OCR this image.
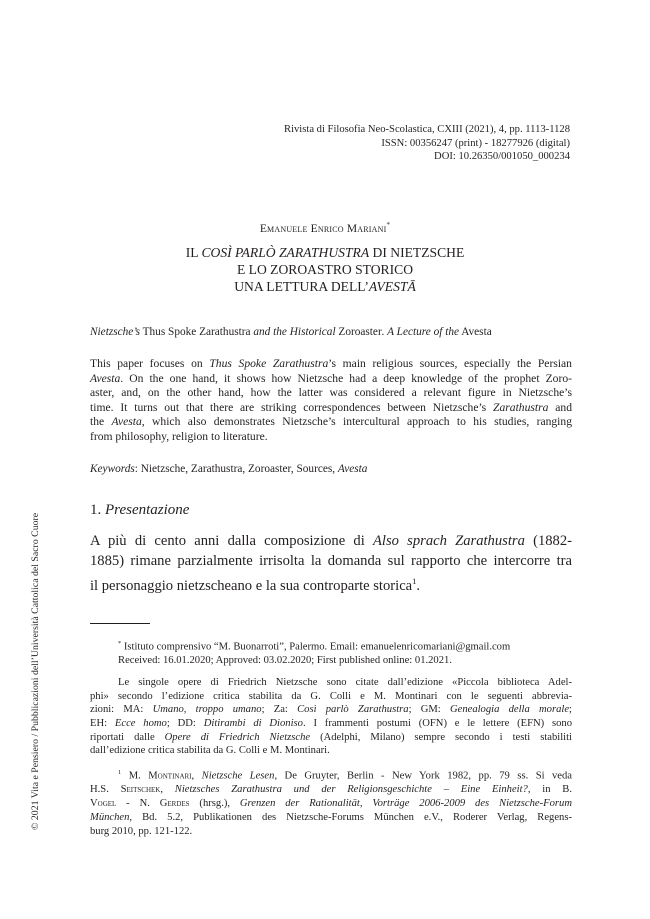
Rivista di Filosofia Neo-Scolastica, CXIII (2021), 4, pp. 1113-1128
ISSN: 00356247 (print) - 18277926 (digital)
DOI: 10.26350/001050_000234
Emanuele Enrico Mariani*
IL COSÌ PARLÒ ZARATHUSTRA DI NIETZSCHE
E LO ZOROASTRO STORICO
UNA LETTURA DELL’AVESTĀ
Nietzsche’s Thus Spoke Zarathustra and the Historical Zoroaster. A Lecture of the Avesta
This paper focuses on Thus Spoke Zarathustra’s main religious sources, especially the Persian
Avesta. On the one hand, it shows how Nietzsche had a deep knowledge of the prophet Zoro-
aster, and, on the other hand, how the latter was considered a relevant figure in Nietzsche’s
time. It turns out that there are striking correspondences between Nietzsche’s Zarathustra and
the Avesta, which also demonstrates Nietzsche’s intercultural approach to his studies, ranging
from philosophy, religion to literature.
Keywords: Nietzsche, Zarathustra, Zoroaster, Sources, Avesta
1. Presentazione
A più di cento anni dalla composizione di Also sprach Zarathustra (1882-
1885) rimane parzialmente irrisolta la domanda sul rapporto che intercorre tra
il personaggio nietzscheano e la sua controparte storica$^1$.
* Istituto comprensivo “M. Buonarroti”, Palermo. Email: emanuelenricomariani@gmail.com
Received: 16.01.2020; Approved: 03.02.2020; First published online: 01.2021.
Le singole opere di Friedrich Nietzsche sono citate dall’edizione «Piccola biblioteca Adel-
phi» secondo l’edizione critica stabilita da G. Colli e M. Montinari con le seguenti abbrevia-
zioni: MA: Umano, troppo umano; Za: Così parlò Zarathustra; GM: Genealogia della morale;
EH: Ecce homo; DD: Ditirambi di Dioniso. I frammenti postumi (OFN) e le lettere (EFN) sono
riportati dalle Opere di Friedrich Nietzsche (Adelphi, Milano) sempre secondo i testi stabiliti
dall’edizione critica stabilita da G. Colli e M. Montinari.
$^1$ M. Montinari, Nietzsche Lesen, De Gruyter, Berlin - New York 1982, pp. 79 ss. Si veda
H.S. Seitschek, Nietzsches Zarathustra und der Religionsgeschichte – Eine Einheit?, in B.
Vogel - N. Gerdes (hrsg.), Grenzen der Rationalität, Vorträge 2006-2009 des Nietzsche-Forum
München, Bd. 5.2, Publikationen des Nietzsche-Forums München e.V., Roderer Verlag, Regens-
burg 2010, pp. 121-122.
© 2021 Vita e Pensiero / Pubblicazioni dell’Università Cattolica del Sacro Cuore
